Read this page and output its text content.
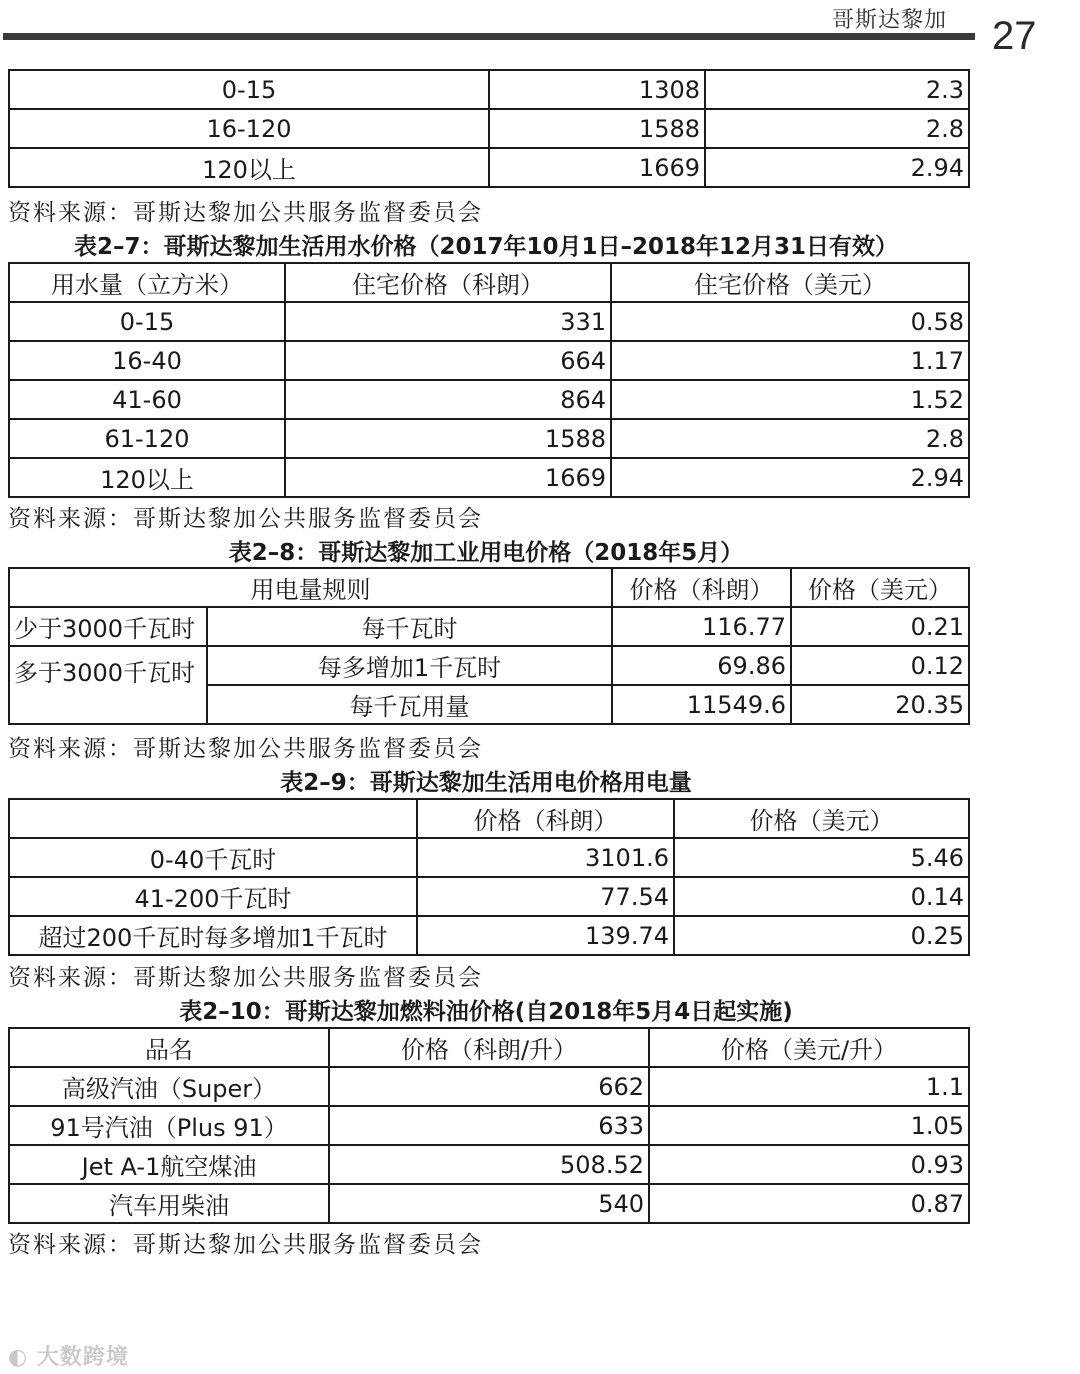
哥斯达黎加	27
0-15	1308	2.3
16-120	1588	2.8
120以上	1669	2.94
资料来源：哥斯达黎加公共服务监督委员会
表2–7：哥斯达黎加生活用水价格（2017年10月1日–2018年12月31日有效）
用水量（立方米）	住宅价格（科朗）	住宅价格（美元）
0-15	331	0.58
16-40	664	1.17
41-60	864	1.52
61-120	1588	2.8
120以上	1669	2.94
资料来源：哥斯达黎加公共服务监督委员会
表2–8：哥斯达黎加工业用电价格（2018年5月）
用电量规则		价格（科朗）	价格（美元）
少于3000千瓦时	每千瓦时	116.77	0.21
多于3000千瓦时	每多增加1千瓦时	69.86	0.12
	每千瓦用量	11549.6	20.35
资料来源：哥斯达黎加公共服务监督委员会
表2–9：哥斯达黎加生活用电价格用电量
	价格（科朗）	价格（美元）
0-40千瓦时	3101.6	5.46
41-200千瓦时	77.54	0.14
超过200千瓦时每多增加1千瓦时	139.74	0.25
资料来源：哥斯达黎加公共服务监督委员会
表2–10：哥斯达黎加燃料油价格(自2018年5月4日起实施)
品名	价格（科朗/升）	价格（美元/升）
高级汽油（Super）	662	1.1
91号汽油（Plus 91）	633	1.05
Jet A-1航空煤油	508.52	0.93
汽车用柴油	540	0.87
资料来源：哥斯达黎加公共服务监督委员会
◐ 大数跨境
